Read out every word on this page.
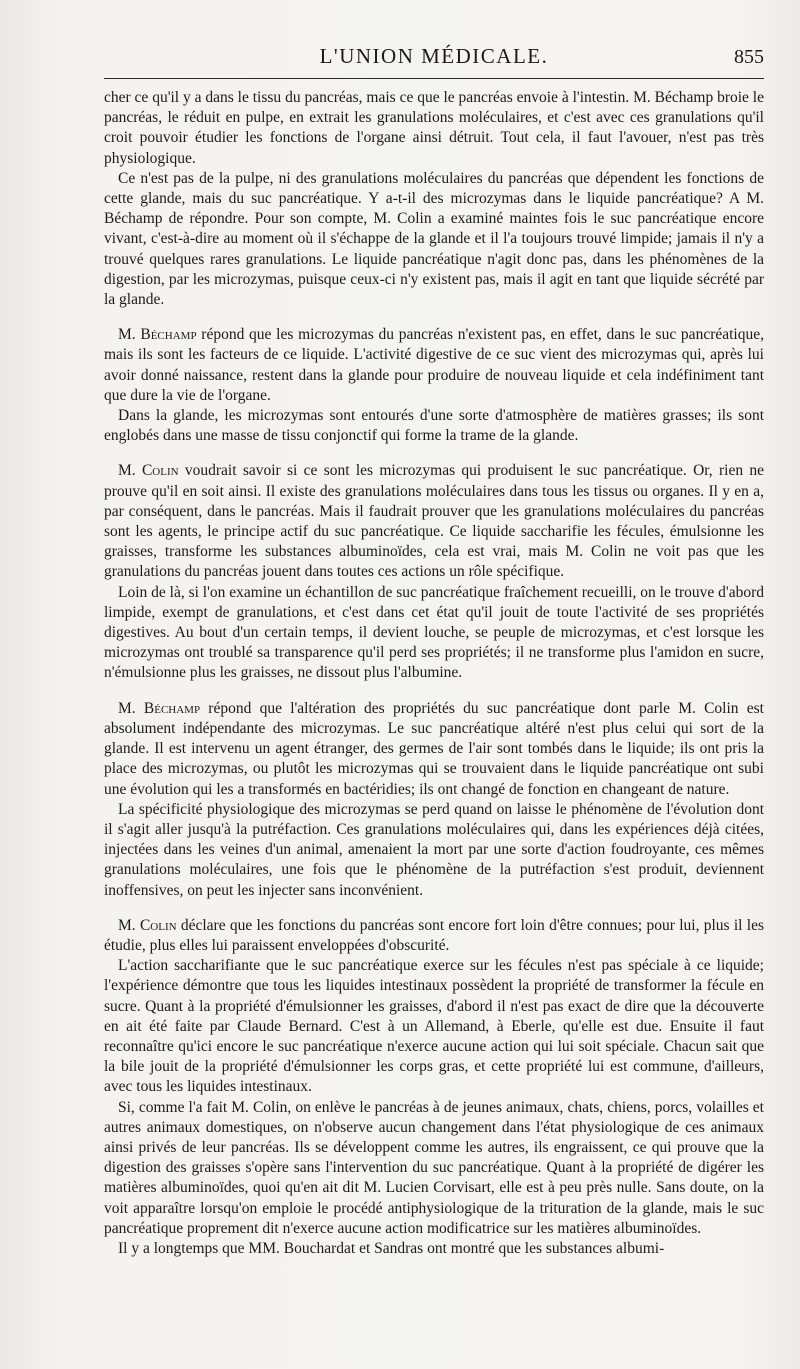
L'UNION MÉDICALE.	855

cher ce qu'il y a dans le tissu du pancréas, mais ce que le pancréas envoie à l'intestin. M. Béchamp broie le pancréas, le réduit en pulpe, en extrait les granulations moléculaires, et c'est avec ces granulations qu'il croit pouvoir étudier les fonctions de l'organe ainsi détruit. Tout cela, il faut l'avouer, n'est pas très physiologique.

Ce n'est pas de la pulpe, ni des granulations moléculaires du pancréas que dépendent les fonctions de cette glande, mais du suc pancréatique. Y a-t-il des microzymas dans le liquide pancréatique? A M. Béchamp de répondre. Pour son compte, M. Colin a examiné maintes fois le suc pancréatique encore vivant, c'est-à-dire au moment où il s'échappe de la glande et il l'a toujours trouvé limpide; jamais il n'y a trouvé quelques rares granulations. Le liquide pancréatique n'agit donc pas, dans les phénomènes de la digestion, par les microzymas, puisque ceux-ci n'y existent pas, mais il agit en tant que liquide sécrété par la glande.

M. Béchamp répond que les microzymas du pancréas n'existent pas, en effet, dans le suc pancréatique, mais ils sont les facteurs de ce liquide. L'activité digestive de ce suc vient des microzymas qui, après lui avoir donné naissance, restent dans la glande pour produire de nouveau liquide et cela indéfiniment tant que dure la vie de l'organe.

Dans la glande, les microzymas sont entourés d'une sorte d'atmosphère de matières grasses; ils sont englobés dans une masse de tissu conjonctif qui forme la trame de la glande.

M. Colin voudrait savoir si ce sont les microzymas qui produisent le suc pancréatique. Or, rien ne prouve qu'il en soit ainsi. Il existe des granulations moléculaires dans tous les tissus ou organes. Il y en a, par conséquent, dans le pancréas. Mais il faudrait prouver que les granulations moléculaires du pancréas sont les agents, le principe actif du suc pancréatique. Ce liquide saccharifie les fécules, émulsionne les graisses, transforme les substances albuminoïdes, cela est vrai, mais M. Colin ne voit pas que les granulations du pancréas jouent dans toutes ces actions un rôle spécifique.

Loin de là, si l'on examine un échantillon de suc pancréatique fraîchement recueilli, on le trouve d'abord limpide, exempt de granulations, et c'est dans cet état qu'il jouit de toute l'activité de ses propriétés digestives. Au bout d'un certain temps, il devient louche, se peuple de microzymas, et c'est lorsque les microzymas ont troublé sa transparence qu'il perd ses propriétés; il ne transforme plus l'amidon en sucre, n'émulsionne plus les graisses, ne dissout plus l'albumine.

M. Béchamp répond que l'altération des propriétés du suc pancréatique dont parle M. Colin est absolument indépendante des microzymas. Le suc pancréatique altéré n'est plus celui qui sort de la glande. Il est intervenu un agent étranger, des germes de l'air sont tombés dans le liquide; ils ont pris la place des microzymas, ou plutôt les microzymas qui se trouvaient dans le liquide pancréatique ont subi une évolution qui les a transformés en bactéridies; ils ont changé de fonction en changeant de nature.

La spécificité physiologique des microzymas se perd quand on laisse le phénomène de l'évolution dont il s'agit aller jusqu'à la putréfaction. Ces granulations moléculaires qui, dans les expériences déjà citées, injectées dans les veines d'un animal, amenaient la mort par une sorte d'action foudroyante, ces mêmes granulations moléculaires, une fois que le phénomène de la putréfaction s'est produit, deviennent inoffensives, on peut les injecter sans inconvénient.

M. Colin déclare que les fonctions du pancréas sont encore fort loin d'être connues; pour lui, plus il les étudie, plus elles lui paraissent enveloppées d'obscurité.

L'action saccharifiante que le suc pancréatique exerce sur les fécules n'est pas spéciale à ce liquide; l'expérience démontre que tous les liquides intestinaux possèdent la propriété de transformer la fécule en sucre. Quant à la propriété d'émulsionner les graisses, d'abord il n'est pas exact de dire que la découverte en ait été faite par Claude Bernard. C'est à un Allemand, à Eberle, qu'elle est due. Ensuite il faut reconnaître qu'ici encore le suc pancréatique n'exerce aucune action qui lui soit spéciale. Chacun sait que la bile jouit de la propriété d'émulsionner les corps gras, et cette propriété lui est commune, d'ailleurs, avec tous les liquides intestinaux.

Si, comme l'a fait M. Colin, on enlève le pancréas à de jeunes animaux, chats, chiens, porcs, volailles et autres animaux domestiques, on n'observe aucun changement dans l'état physiologique de ces animaux ainsi privés de leur pancréas. Ils se développent comme les autres, ils engraissent, ce qui prouve que la digestion des graisses s'opère sans l'intervention du suc pancréatique. Quant à la propriété de digérer les matières albuminoïdes, quoi qu'en ait dit M. Lucien Corvisart, elle est à peu près nulle. Sans doute, on la voit apparaître lorsqu'on emploie le procédé antiphysiologique de la trituration de la glande, mais le suc pancréatique proprement dit n'exerce aucune action modificatrice sur les matières albuminoïdes.

Il y a longtemps que MM. Bouchardat et Sandras ont montré que les substances albumi-
